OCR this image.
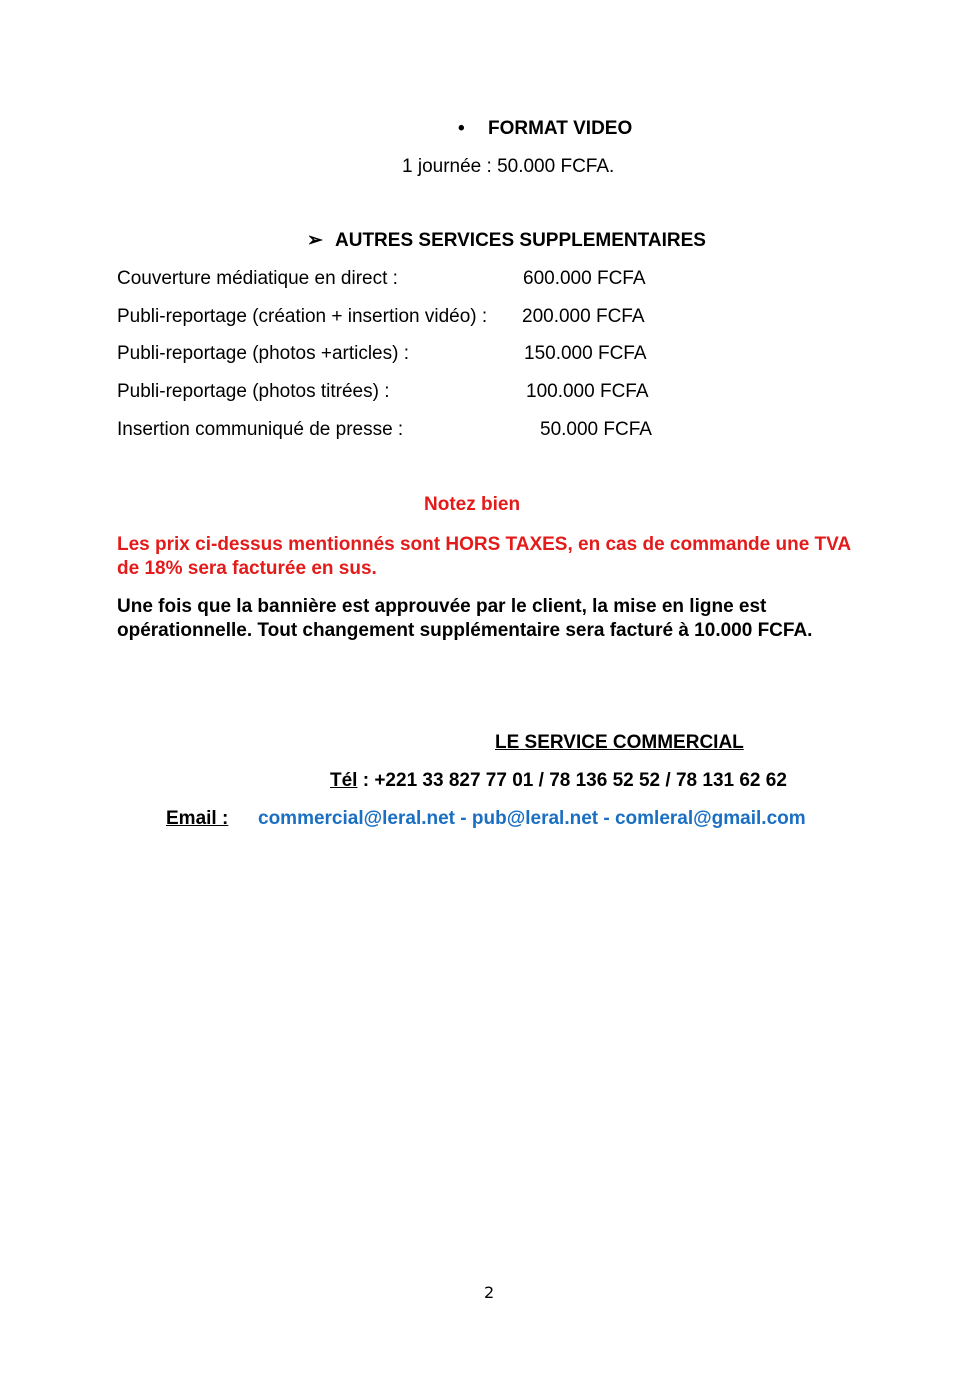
• FORMAT VIDEO
1 journée : 50.000 FCFA.
➢ AUTRES SERVICES SUPPLEMENTAIRES
Couverture médiatique en direct :	600.000 FCFA
Publi-reportage (création + insertion vidéo) : 200.000 FCFA
Publi-reportage (photos +articles) :	150.000 FCFA
Publi-reportage (photos titrées) :	100.000 FCFA
Insertion communiqué de presse :	50.000 FCFA
Notez bien
Les prix ci-dessus mentionnés sont HORS TAXES, en cas de commande une TVA de 18% sera facturée en sus.
Une fois que la bannière est approuvée par le client, la mise en ligne est opérationnelle. Tout changement supplémentaire sera facturé à 10.000 FCFA.
LE SERVICE COMMERCIAL
Tél : +221 33 827 77 01 / 78 136 52 52 / 78 131 62 62
Email : commercial@leral.net - pub@leral.net - comleral@gmail.com
2
